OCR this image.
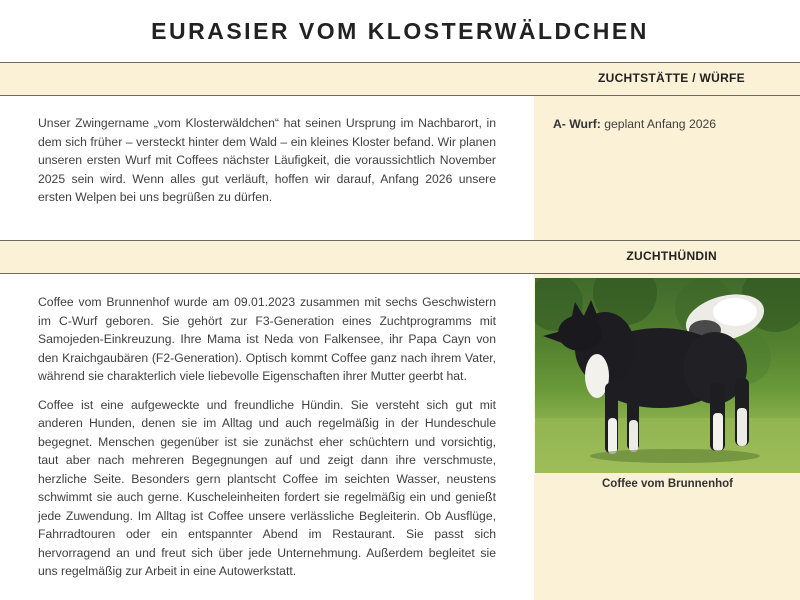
EURASIER VOM KLOSTERWÄLDCHEN
ZUCHTSTÄTTE / WÜRFE

Unser Zwingername „vom Klosterwäldchen“ hat seinen Ursprung im Nachbarort, in dem sich früher – versteckt hinter dem Wald – ein kleines Kloster befand. Wir planen unseren ersten Wurf mit Coffees nächster Läufigkeit, die voraussichtlich November 2025 sein wird. Wenn alles gut verläuft, hoffen wir darauf, Anfang 2026 unsere ersten Welpen bei uns begrüßen zu dürfen.

A- Wurf: geplant Anfang 2026
ZUCHTHÜNDIN

Coffee vom Brunnenhof wurde am 09.01.2023 zusammen mit sechs Geschwistern im C-Wurf geboren. Sie gehört zur F3-Generation eines Zuchtprogramms mit Samojeden-Einkreuzung. Ihre Mama ist Neda von Falkensee, ihr Papa Cayn von den Kraichgaubären (F2-Generation). Optisch kommt Coffee ganz nach ihrem Vater, während sie charakterlich viele liebevolle Eigenschaften ihrer Mutter geerbt hat.

Coffee ist eine aufgeweckte und freundliche Hündin. Sie versteht sich gut mit anderen Hunden, denen sie im Alltag und auch regelmäßig in der Hundeschule begegnet. Menschen gegenüber ist sie zunächst eher schüchtern und vorsichtig, taut aber nach mehreren Begegnungen auf und zeigt dann ihre verschmuste, herzliche Seite. Besonders gern plantscht Coffee im seichten Wasser, neustens schwimmt sie auch gerne. Kuscheleinheiten fordert sie regelmäßig ein und genießt jede Zuwendung. Im Alltag ist Coffee unsere verlässliche Begleiterin. Ob Ausflüge, Fahrradtouren oder ein entspannter Abend im Restaurant. Sie passt sich hervorragend an und freut sich über jede Unternehmung. Außerdem begleitet sie uns regelmäßig zur Arbeit in eine Autowerkstatt.

Coffee vom Brunnenhof
